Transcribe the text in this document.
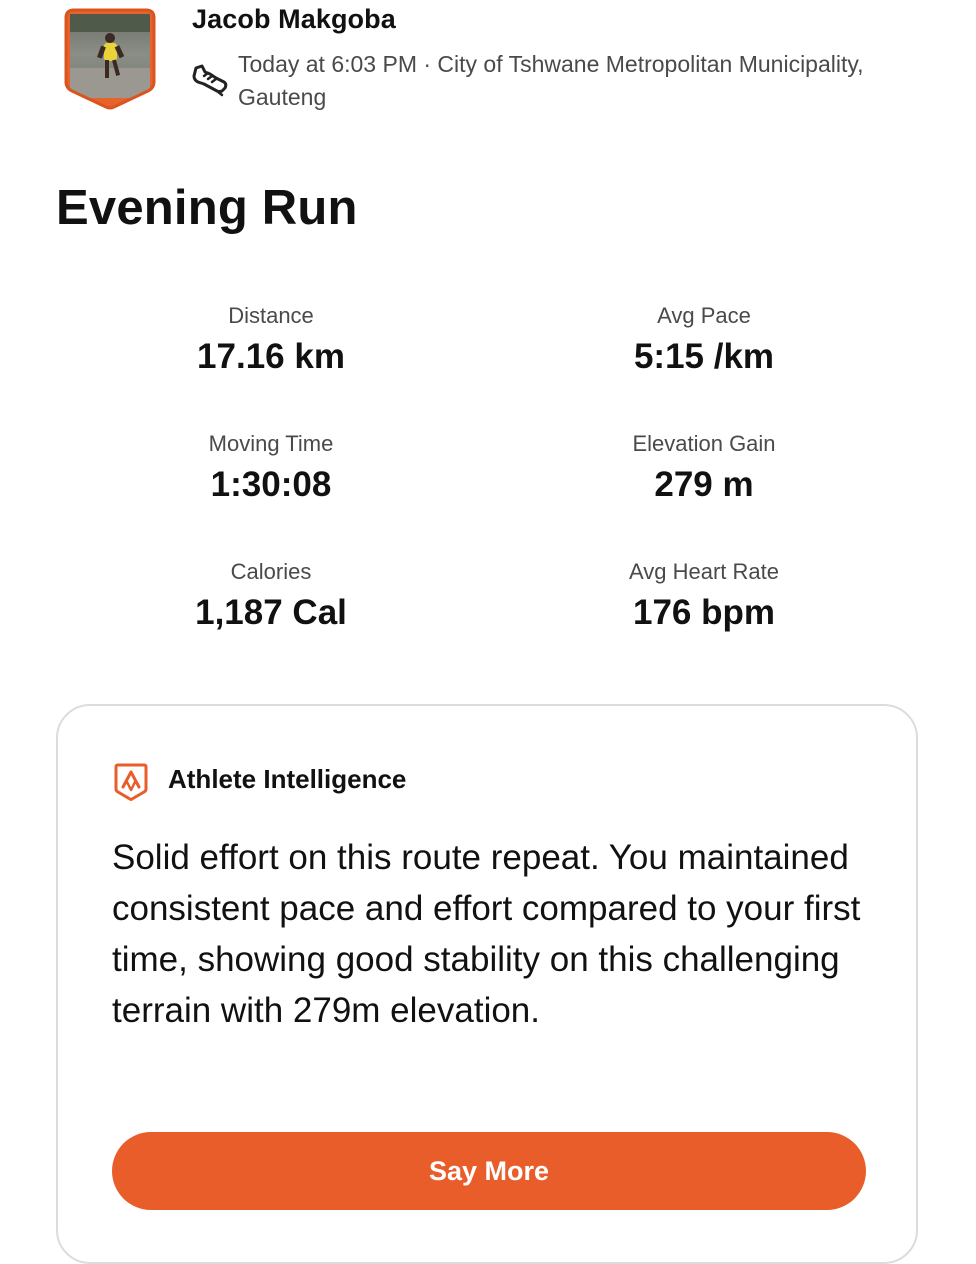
Jacob Makgoba
Today at 6:03 PM · City of Tshwane Metropolitan Municipality, Gauteng
Evening Run
Distance
17.16 km
Avg Pace
5:15 /km
Moving Time
1:30:08
Elevation Gain
279 m
Calories
1,187 Cal
Avg Heart Rate
176 bpm
Athlete Intelligence

Solid effort on this route repeat. You maintained consistent pace and effort compared to your first time, showing good stability on this challenging terrain with 279m elevation.

Say More
